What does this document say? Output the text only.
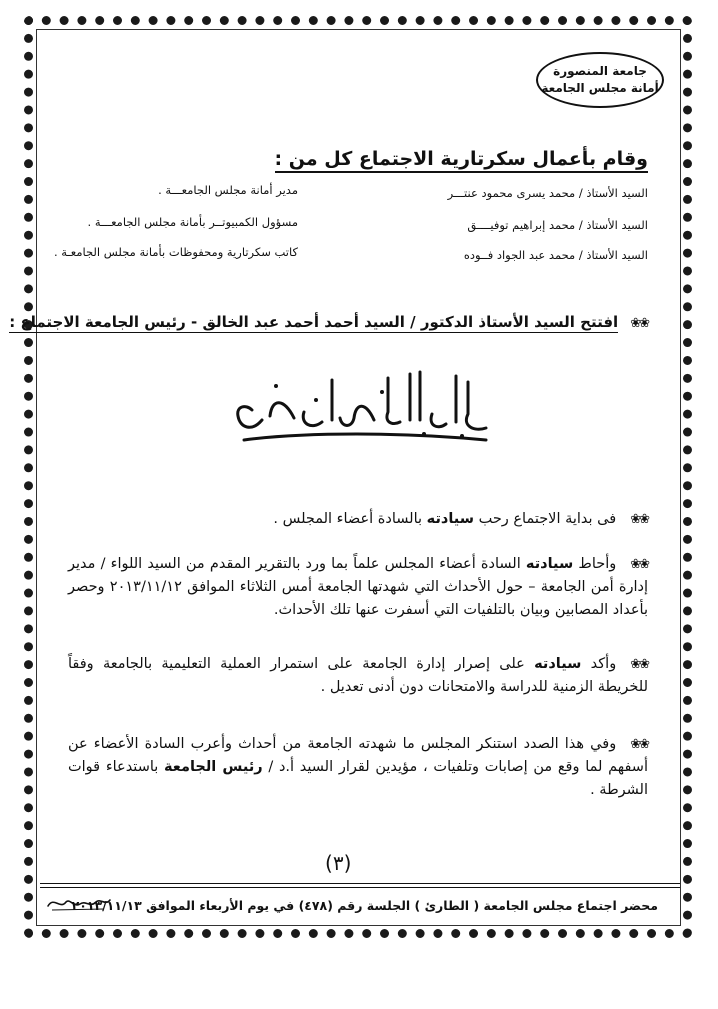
جامعة المنصورة
أمانة مجلس الجامعة
وقام بأعمال سكرتارية الاجتماع كل من :
السيد الأستاذ / محمد يسرى محمود عنتـــر
مدير أمانة مجلس الجامعـــة .
السيد الأستاذ / محمد إبراهيم توفيــــق
مسؤول الكمبيوتــر بأمانة مجلس الجامعـــة .
السيد الأستاذ / محمد عبد الجواد فــوده
كاتب سكرتارية ومحفوظات بأمانة مجلس الجامعـة .
❀❀افتتح السيد الأستاذ الدكتور / السيد أحمد أحمد عبد الخالق - رئيس الجامعة الاجتماع :
❀❀فى بداية الاجتماع رحب سيادته بالسادة أعضاء المجلس .
❀❀وأحاط سيادته السادة أعضاء المجلس علماً بما ورد بالتقرير المقدم من السيد اللواء / مدير إدارة أمن الجامعة – حول الأحداث التي شهدتها الجامعة أمس الثلاثاء الموافق ٢٠١٣/١١/١٢ وحصر بأعداد المصابين وبيان بالتلفيات التي أسفرت عنها تلك الأحداث.
❀❀وأكد سيادته على إصرار إدارة الجامعة على استمرار العملية التعليمية بالجامعة وفقاً للخريطة الزمنية للدراسة والامتحانات دون أدنى تعديل .
❀❀وفي هذا الصدد استنكر المجلس ما شهدته الجامعة من أحداث وأعرب السادة الأعضاء عن أسفهم لما وقع من إصابات وتلفيات ، مؤيدين لقرار السيد أ.د / رئيس الجامعة باستدعاء قوات الشرطة .
(٣)
محضر اجتماع مجلس الجامعة ( الطارئ ) الجلسة رقم (٤٧٨) في يوم الأربعاء الموافق ٢٠١٣/١١/١٣
